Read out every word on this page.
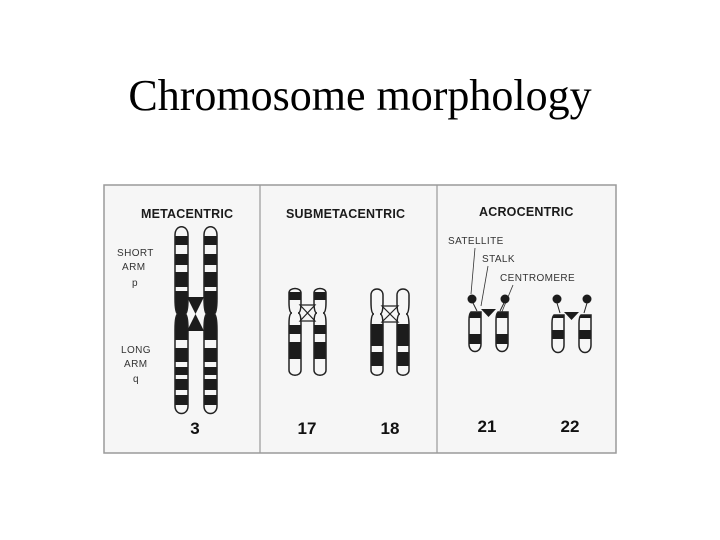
Chromosome morphology
METACENTRIC	SUBMETACENTRIC	ACROCENTRIC
SHORT
ARM
p
LONG
ARM
q
SATELLITE
STALK
CENTROMERE
3	17	18	21	22
